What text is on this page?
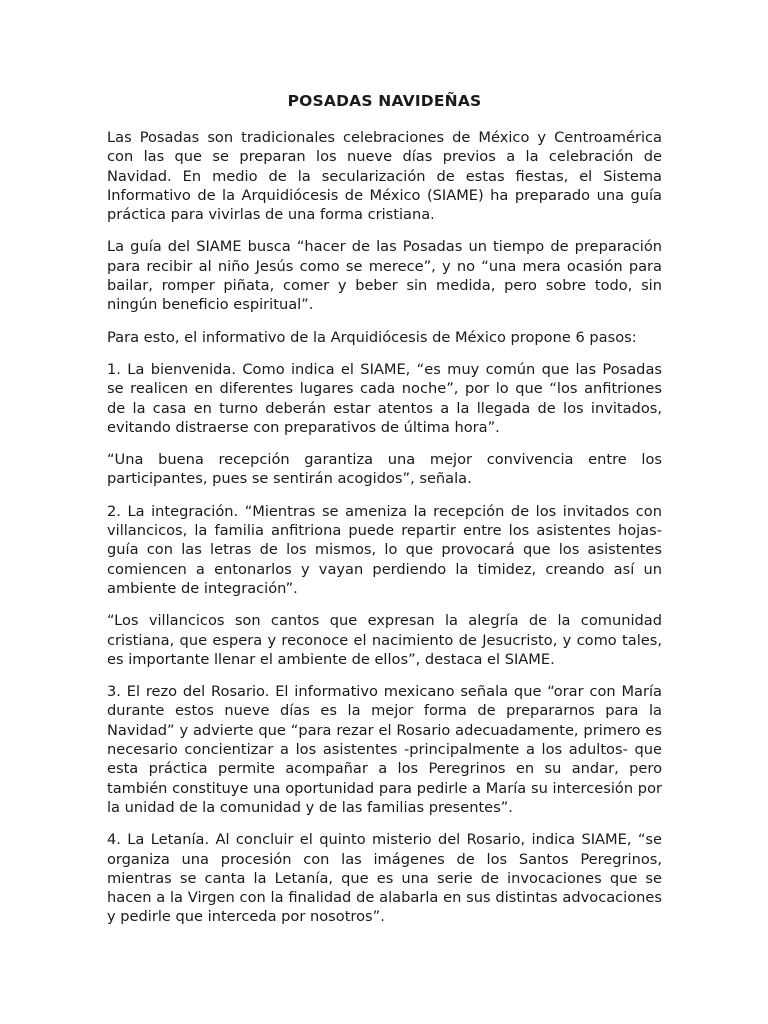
POSADAS NAVIDEÑAS

Las Posadas son tradicionales celebraciones de México y Centroamérica con las que se preparan los nueve días previos a la celebración de Navidad. En medio de la secularización de estas fiestas, el Sistema Informativo de la Arquidiócesis de México (SIAME) ha preparado una guía práctica para vivirlas de una forma cristiana.

La guía del SIAME busca “hacer de las Posadas un tiempo de preparación para recibir al niño Jesús como se merece”, y no “una mera ocasión para bailar, romper piñata, comer y beber sin medida, pero sobre todo, sin ningún beneficio espiritual”.

Para esto, el informativo de la Arquidiócesis de México propone 6 pasos:

1. La bienvenida. Como indica el SIAME, “es muy común que las Posadas se realicen en diferentes lugares cada noche”, por lo que “los anfitriones de la casa en turno deberán estar atentos a la llegada de los invitados, evitando distraerse con preparativos de última hora”.

“Una buena recepción garantiza una mejor convivencia entre los participantes, pues se sentirán acogidos”, señala.

2. La integración. “Mientras se ameniza la recepción de los invitados con villancicos, la familia anfitriona puede repartir entre los asistentes hojas-guía con las letras de los mismos, lo que provocará que los asistentes comiencen a entonarlos y vayan perdiendo la timidez, creando así un ambiente de integración”.

“Los villancicos son cantos que expresan la alegría de la comunidad cristiana, que espera y reconoce el nacimiento de Jesucristo, y como tales, es importante llenar el ambiente de ellos”, destaca el SIAME.

3. El rezo del Rosario. El informativo mexicano señala que “orar con María durante estos nueve días es la mejor forma de prepararnos para la Navidad” y advierte que “para rezar el Rosario adecuadamente, primero es necesario concientizar a los asistentes -principalmente a los adultos- que esta práctica permite acompañar a los Peregrinos en su andar, pero también constituye una oportunidad para pedirle a María su intercesión por la unidad de la comunidad y de las familias presentes”.

4. La Letanía. Al concluir el quinto misterio del Rosario, indica SIAME, “se organiza una procesión con las imágenes de los Santos Peregrinos, mientras se canta la Letanía, que es una serie de invocaciones que se hacen a la Virgen con la finalidad de alabarla en sus distintas advocaciones y pedirle que interceda por nosotros”.
